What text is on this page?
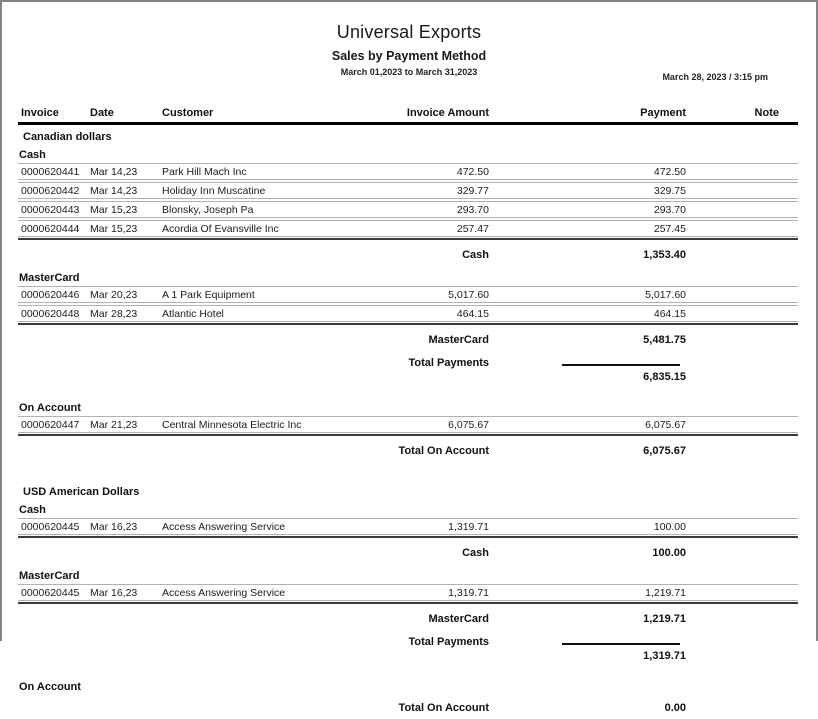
March 28, 2023 / 3:15 pm
Universal Exports
Sales by Payment Method
March 01,2023 to March 31,2023
Invoice	Date	Customer	Invoice Amount	Payment	Note
Canadian dollars
Cash
0000620441	Mar 14,23	Park Hill Mach Inc	472.50	472.50
0000620442	Mar 14,23	Holiday Inn Muscatine	329.77	329.75
0000620443	Mar 15,23	Blonsky, Joseph Pa	293.70	293.70
0000620444	Mar 15,23	Acordia Of Evansville Inc	257.47	257.45
Cash	1,353.40
MasterCard
0000620446	Mar 20,23	A 1 Park Equipment	5,017.60	5,017.60
0000620448	Mar 28,23	Atlantic Hotel	464.15	464.15
MasterCard	5,481.75
Total Payments
6,835.15
On Account
0000620447	Mar 21,23	Central Minnesota Electric Inc	6,075.67	6,075.67
Total On Account	6,075.67
USD American Dollars
Cash
0000620445	Mar 16,23	Access Answering Service	1,319.71	100.00
Cash	100.00
MasterCard
0000620445	Mar 16,23	Access Answering Service	1,319.71	1,219.71
MasterCard	1,219.71
Total Payments
1,319.71
On Account
Total On Account	0.00
